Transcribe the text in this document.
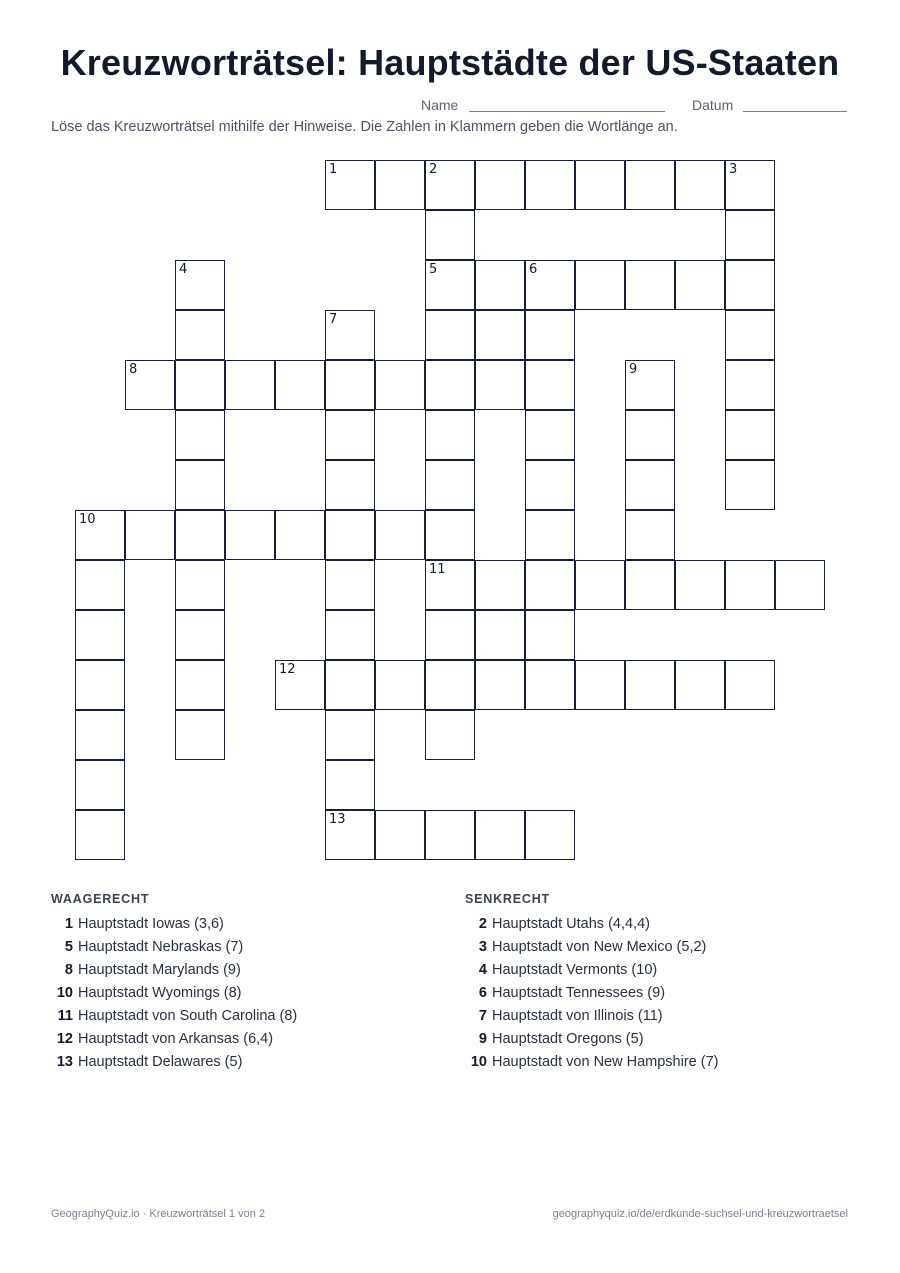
Kreuzworträtsel: Hauptstädte der US-Staaten
Name	Datum
Löse das Kreuzworträtsel mithilfe der Hinweise. Die Zahlen in Klammern geben die Wortlänge an.
1	2	3
4	5	6
7
8	9
10
11
12
13
WAAGERECHT
1 Hauptstadt Iowas (3,6)
5 Hauptstadt Nebraskas (7)
8 Hauptstadt Marylands (9)
10 Hauptstadt Wyomings (8)
11 Hauptstadt von South Carolina (8)
12 Hauptstadt von Arkansas (6,4)
13 Hauptstadt Delawares (5)
SENKRECHT
2 Hauptstadt Utahs (4,4,4)
3 Hauptstadt von New Mexico (5,2)
4 Hauptstadt Vermonts (10)
6 Hauptstadt Tennessees (9)
7 Hauptstadt von Illinois (11)
9 Hauptstadt Oregons (5)
10 Hauptstadt von New Hampshire (7)
GeographyQuiz.io · Kreuzworträtsel 1 von 2	geographyquiz.io/de/erdkunde-suchsel-und-kreuzwortraetsel
